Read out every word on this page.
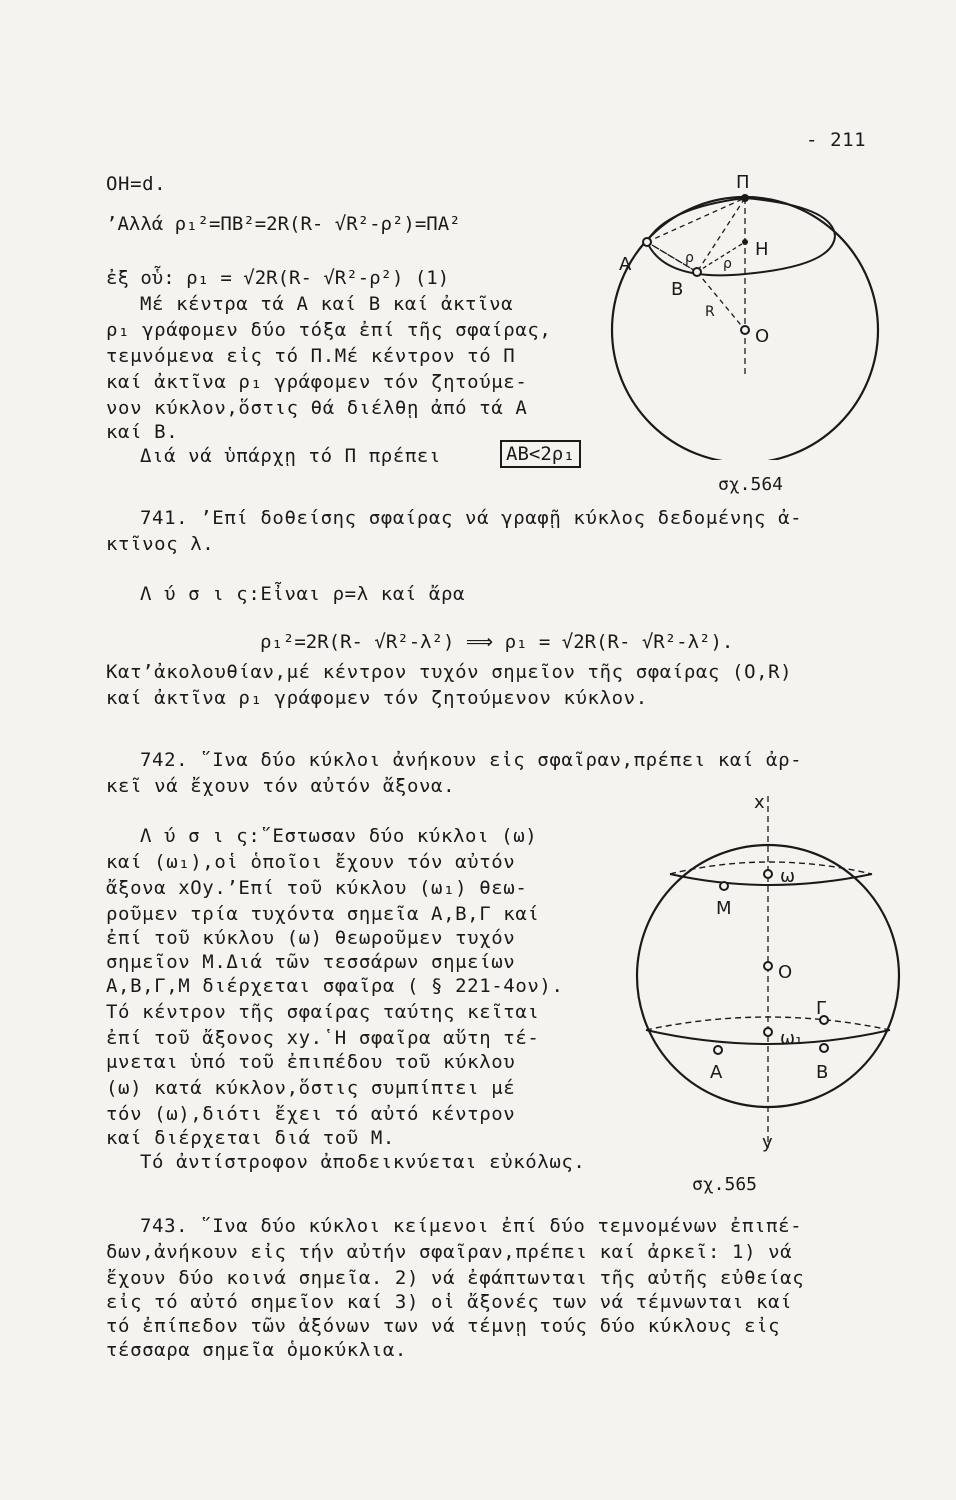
- 211
OH=d.
’Αλλά ρ₁²=ΠΒ²=2R(R- √R²-ρ²)=ΠΑ²
ἐξ οὗ: ρ₁ = √2R(R- √R²-ρ²) (1)
Μέ κέντρα τά Α καί Β καί ἀκτῖνα
ρ₁ γράφομεν δύο τόξα ἐπί τῆς σφαίρας,
τεμνόμενα εἰς τό Π.Μέ κέντρον τό Π
καί ἀκτῖνα ρ₁ γράφομεν τόν ζητούμε-
νον κύκλον,ὅστις θά διέλθῃ ἀπό τά Α
καί Β.
Διά νά ὑπάρχῃ τό Π πρέπει	AB<2ρ₁
Π
Η
Α
Β
Ο
R
ρ ρ
σχ.564
741. ’Επί δοθείσης σφαίρας νά γραφῇ κύκλος δεδομένης ἀ-
κτῖνος λ.
Λ ύ σ ι ς:Εἶναι ρ=λ καί ἄρα
ρ₁²=2R(R- √R²-λ²) ⟹ ρ₁ = √2R(R- √R²-λ²).
Κατ’ἀκολουθίαν,μέ κέντρον τυχόν σημεῖον τῆς σφαίρας (O,R)
καί ἀκτῖνα ρ₁ γράφομεν τόν ζητούμενον κύκλον.
742. ῞Ινα δύο κύκλοι ἀνήκουν εἰς σφαῖραν,πρέπει καί ἀρ-
κεῖ νά ἔχουν τόν αὐτόν ἄξονα.
Λ ύ σ ι ς:῞Εστωσαν δύο κύκλοι (ω)
καί (ω₁),οἱ ὁποῖοι ἔχουν τόν αὐτόν
ἄξονα xOy.’Επί τοῦ κύκλου (ω₁) θεω-
ροῦμεν τρία τυχόντα σημεῖα Α,Β,Γ καί
ἐπί τοῦ κύκλου (ω) θεωροῦμεν τυχόν
σημεῖον Μ.Διά τῶν τεσσάρων σημείων
Α,Β,Γ,Μ διέρχεται σφαῖρα ( § 221-4ον).
Τό κέντρον τῆς σφαίρας ταύτης κεῖται
ἐπί τοῦ ἄξονος xy.῾Η σφαῖρα αὕτη τέ-
μνεται ὑπό τοῦ ἐπιπέδου τοῦ κύκλου
(ω) κατά κύκλον,ὅστις συμπίπτει μέ
τόν (ω),διότι ἔχει τό αὐτό κέντρον
καί διέρχεται διά τοῦ Μ.
Τό ἀντίστροφον ἀποδεικνύεται εὐκόλως.
x
ω
Μ
Ο
Γ
ω₁
Α	Β
y
σχ.565
743. ῞Ινα δύο κύκλοι κείμενοι ἐπί δύο τεμνομένων ἐπιπέ-
δων,ἀνήκουν εἰς τήν αὐτήν σφαῖραν,πρέπει καί ἀρκεῖ: 1) νά
ἔχουν δύο κοινά σημεῖα. 2) νά ἐφάπτωνται τῆς αὐτῆς εὐθείας
εἰς τό αὐτό σημεῖον καί 3) οἱ ἄξονές των νά τέμνωνται καί
τό ἐπίπεδον τῶν ἀξόνων των νά τέμνῃ τούς δύο κύκλους εἰς
τέσσαρα σημεῖα ὁμοκύκλια.
